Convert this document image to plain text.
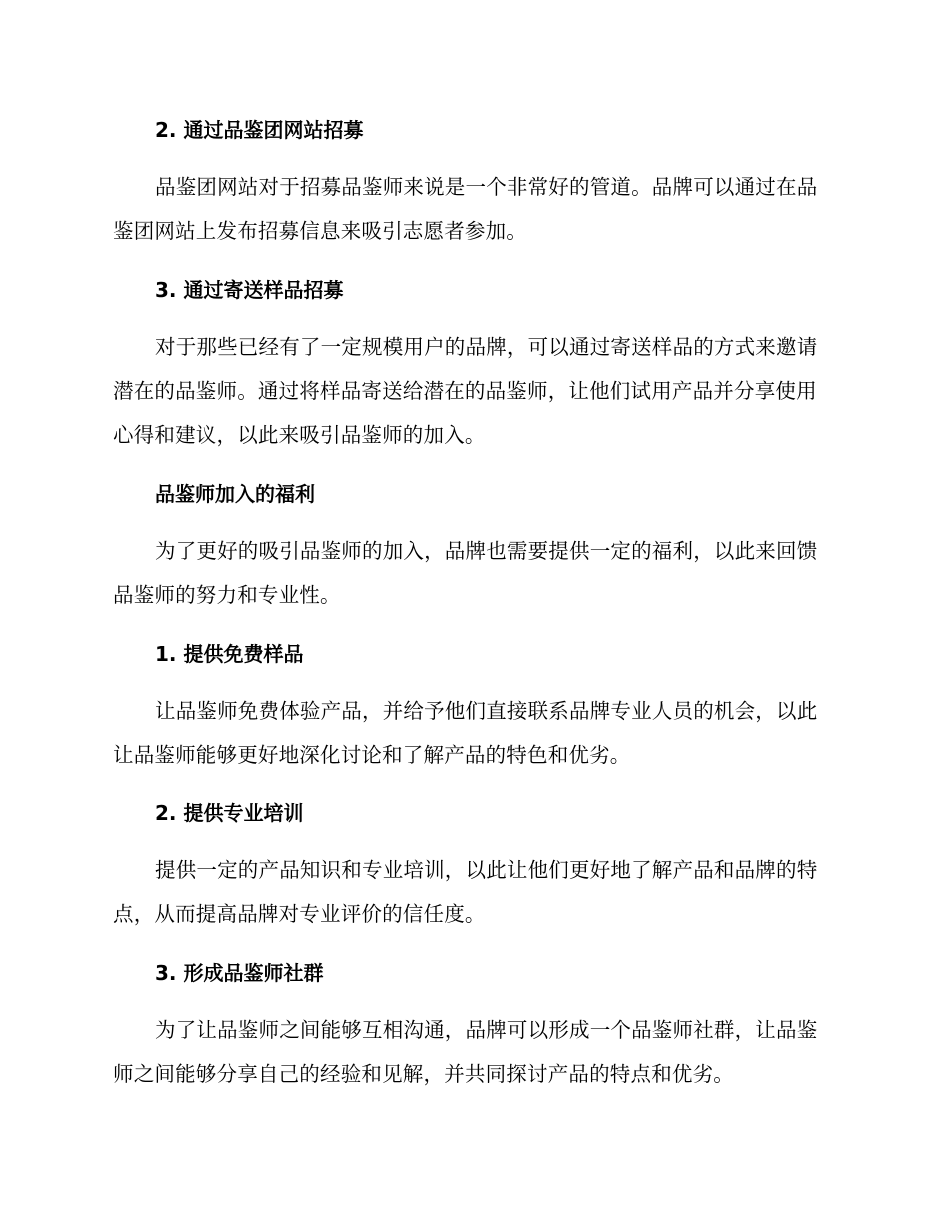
2. 通过品鉴团网站招募
品鉴团网站对于招募品鉴师来说是一个非常好的管道。品牌可以通过在品鉴团网站上发布招募信息来吸引志愿者参加。
3. 通过寄送样品招募
对于那些已经有了一定规模用户的品牌，可以通过寄送样品的方式来邀请潜在的品鉴师。通过将样品寄送给潜在的品鉴师，让他们试用产品并分享使用心得和建议，以此来吸引品鉴师的加入。
品鉴师加入的福利
为了更好的吸引品鉴师的加入，品牌也需要提供一定的福利，以此来回馈品鉴师的努力和专业性。
1. 提供免费样品
让品鉴师免费体验产品，并给予他们直接联系品牌专业人员的机会，以此让品鉴师能够更好地深化讨论和了解产品的特色和优劣。
2. 提供专业培训
提供一定的产品知识和专业培训，以此让他们更好地了解产品和品牌的特点，从而提高品牌对专业评价的信任度。
3. 形成品鉴师社群
为了让品鉴师之间能够互相沟通，品牌可以形成一个品鉴师社群，让品鉴师之间能够分享自己的经验和见解，并共同探讨产品的特点和优劣。
